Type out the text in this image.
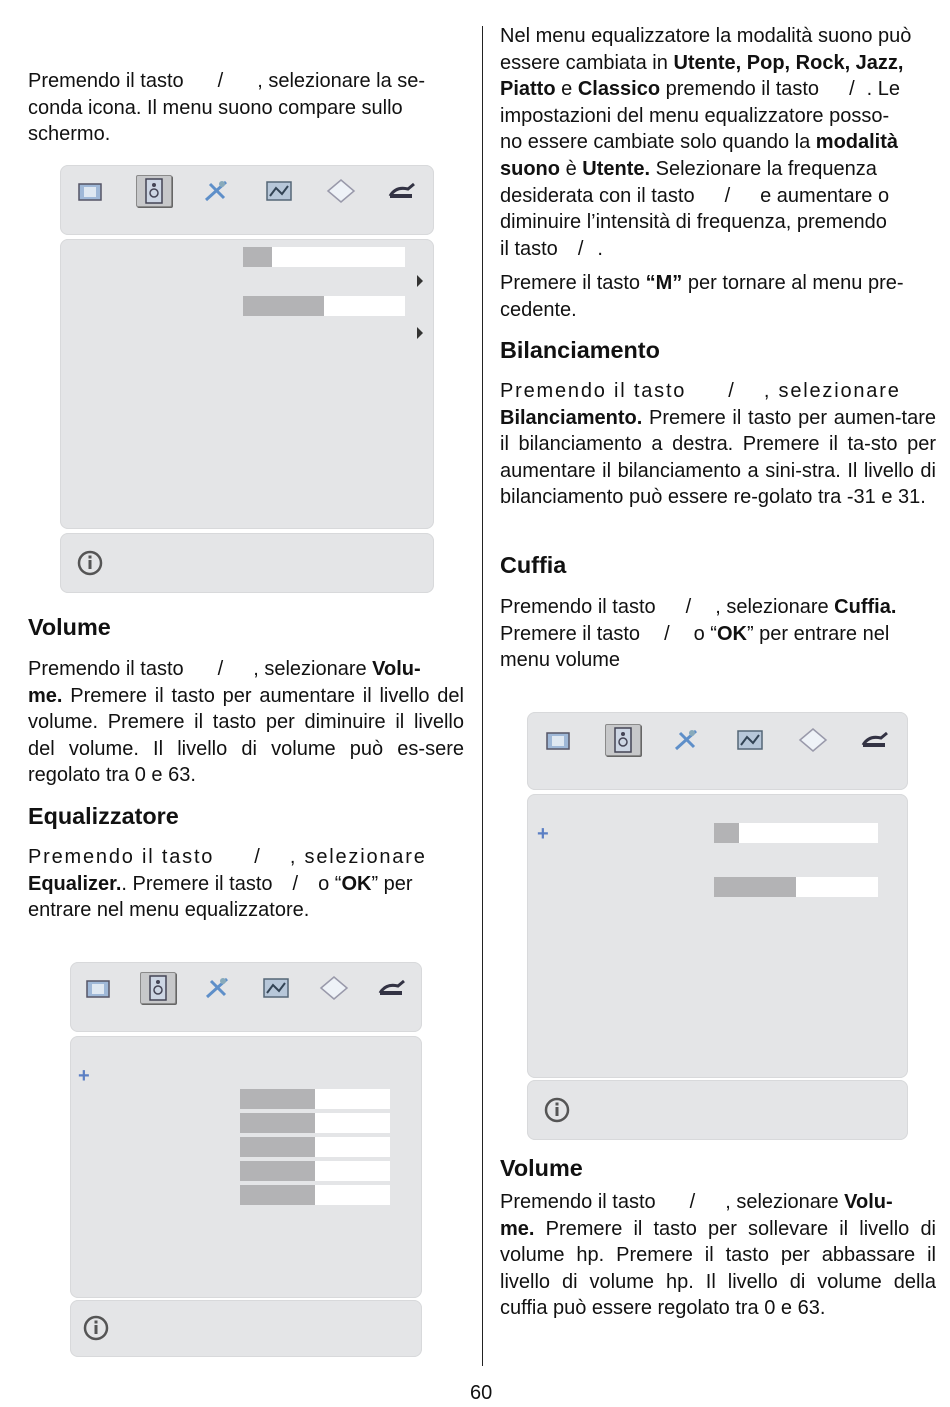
Premendo il tasto / , selezionare la se-
conda icona. Il menu suono compare sullo
schermo.

Volume

Premendo il tasto / , selezionare Volu-
me. Premere il tasto per aumentare il livello del volume. Premere il tasto per diminuire il livello del volume. Il livello di volume può es-sere regolato tra 0 e 63.

Equalizzatore

Premendo il tasto / , selezionare
Equalizer.. Premere il tasto / o “OK” per
entrare nel menu equalizzatore.

+

Nel menu equalizzatore la modalità suono può
essere cambiata in Utente, Pop, Rock, Jazz,
Piatto e Classico premendo il tasto / . Le
impostazioni del menu equalizzatore posso-
no essere cambiate solo quando la modalità
suono è Utente. Selezionare la frequenza
desiderata con il tasto / e aumentare o
diminuire l’intensità di frequenza, premendo
il tasto / .

Premere il tasto “M” per tornare al menu pre-
cedente.

Bilanciamento

Premendo il tasto / , selezionare
Bilanciamento. Premere il tasto per aumen-tare il bilanciamento a destra. Premere il ta-sto per aumentare il bilanciamento a sini-stra. Il livello di bilanciamento può essere re-golato tra -31 e 31.

Cuffia

Premendo il tasto / , selezionare Cuffia.
Premere il tasto / o “OK” per entrare nel
menu volume

+
Volume

Premendo il tasto / , selezionare Volu-
me. Premere il tasto per sollevare il livello di volume hp. Premere il tasto per abbassare il livello di volume hp. Il livello di volume della cuffia può essere regolato tra 0 e 63.

60
